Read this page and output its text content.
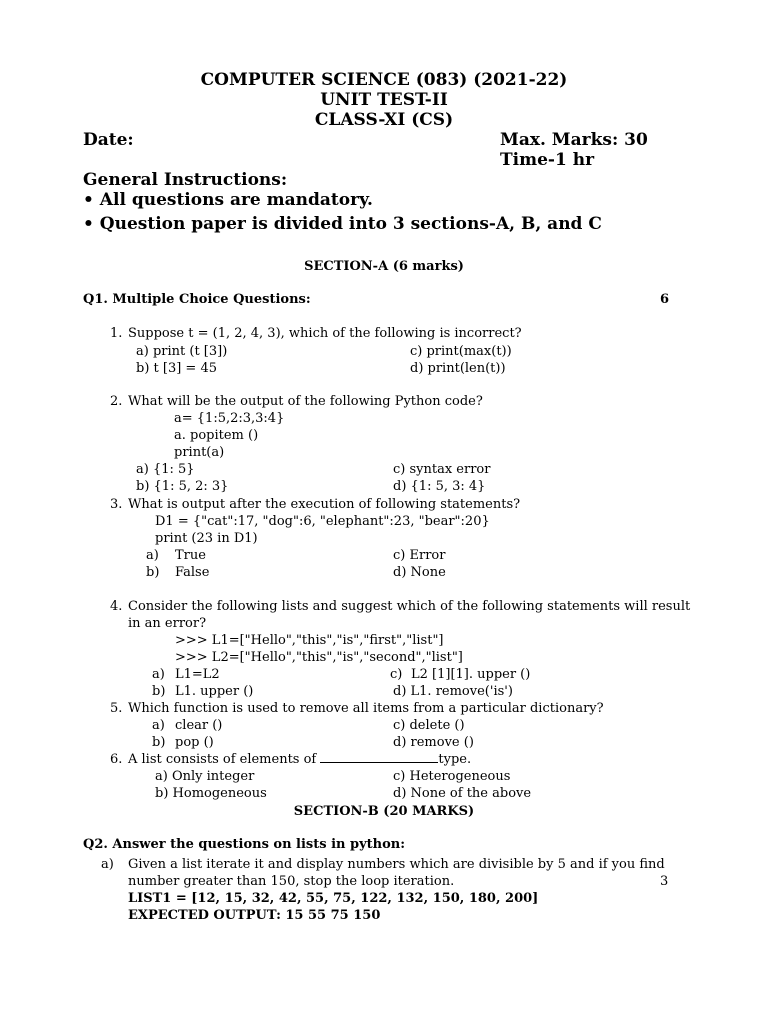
COMPUTER SCIENCE (083) (2021-22)
UNIT TEST-II
CLASS-XI (CS)
Date:	Max. Marks: 30
Time-1 hr
General Instructions:
• All questions are mandatory.
• Question paper is divided into 3 sections-A, B, and C
SECTION-A (6 marks)
Q1. Multiple Choice Questions:	6
1. Suppose t = (1, 2, 4, 3), which of the following is incorrect?
a) print (t [3])	c) print(max(t))
b) t [3] = 45	d) print(len(t))
2. What will be the output of the following Python code?
a= {1:5,2:3,3:4}
a. popitem ()
print(a)
a) {1: 5}	c) syntax error
b) {1: 5, 2: 3}	d) {1: 5, 3: 4}
3. What is output after the execution of following statements?
D1 = {"cat":17, "dog":6, "elephant":23, "bear":20}
print (23 in D1)
a) True	c) Error
b) False	d) None
4. Consider the following lists and suggest which of the following statements will result
in an error?
>>> L1=["Hello","this","is","first","list"]
>>> L2=["Hello","this","is","second","list"]
a) L1=L2	c) L2 [1][1]. upper ()
b) L1. upper ()	d) L1. remove('is')
5. Which function is used to remove all items from a particular dictionary?
a) clear ()	c) delete ()
b) pop ()	d) remove ()
6. A list consists of elements of	type.
a) Only integer	c) Heterogeneous
b) Homogeneous	d) None of the above
SECTION-B (20 MARKS)
Q2. Answer the questions on lists in python:
a) Given a list iterate it and display numbers which are divisible by 5 and if you find
number greater than 150, stop the loop iteration.	3
LIST1 = [12, 15, 32, 42, 55, 75, 122, 132, 150, 180, 200]
EXPECTED OUTPUT: 15 55 75 150
